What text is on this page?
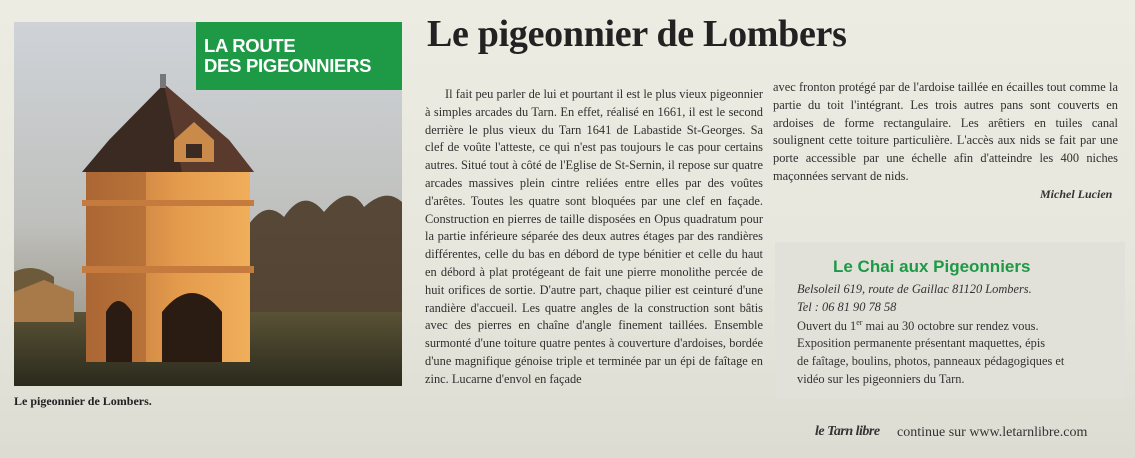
LA ROUTE
DES PIGEONNIERS
Le pigeonnier de Lombers.
Le pigeonnier de Lombers

Il fait peu parler de lui et pourtant il est le plus vieux pigeonnier à simples arcades du Tarn. En effet, réalisé en 1661, il est le second derrière le plus vieux du Tarn 1641 de Labastide St-Georges. Sa clef de voûte l'atteste, ce qui n'est pas toujours le cas pour certains autres. Situé tout à côté de l'Eglise de St-Sernin, il repose sur quatre arcades massives plein cintre reliées entre elles par des voûtes d'arêtes. Toutes les quatre sont bloquées par une clef en façade. Construction en pierres de taille disposées en Opus quadratum pour la partie inférieure séparée des deux autres étages par des randières différentes, celle du bas en débord de type bénitier et celle du haut en débord à plat protégeant de fait une pierre monolithe percée de huit orifices de sortie. D'autre part, chaque pilier est ceinturé d'une randière d'accueil. Les quatre angles de la construction sont bâtis avec des pierres en chaîne d'angle finement taillées. Ensemble surmonté d'une toiture quatre pentes à couverture d'ardoises, bordée d'une magnifique génoise triple et terminée par un épi de faîtage en zinc. Lucarne d'envol en façade

avec fronton protégé par de l'ardoise taillée en écailles tout comme la partie du toit l'intégrant. Les trois autres pans sont couverts en ardoises de forme rectangulaire. Les arêtiers en tuiles canal soulignent cette toiture particulière. L'accès aux nids se fait par une porte accessible par une échelle afin d'atteindre les 400 niches maçonnées servant de nids.

Michel Lucien
Le Chai aux Pigeonniers
Belsoleil 619, route de Gaillac 81120 Lombers.
Tel : 06 81 90 78 58
Ouvert du 1er mai au 30 octobre sur rendez vous.
Exposition permanente présentant maquettes, épis
de faîtage, boulins, photos, panneaux pédagogiques et
vidéo sur les pigeonniers du Tarn.
le Tarn libre continue sur www.letarnlibre.com
